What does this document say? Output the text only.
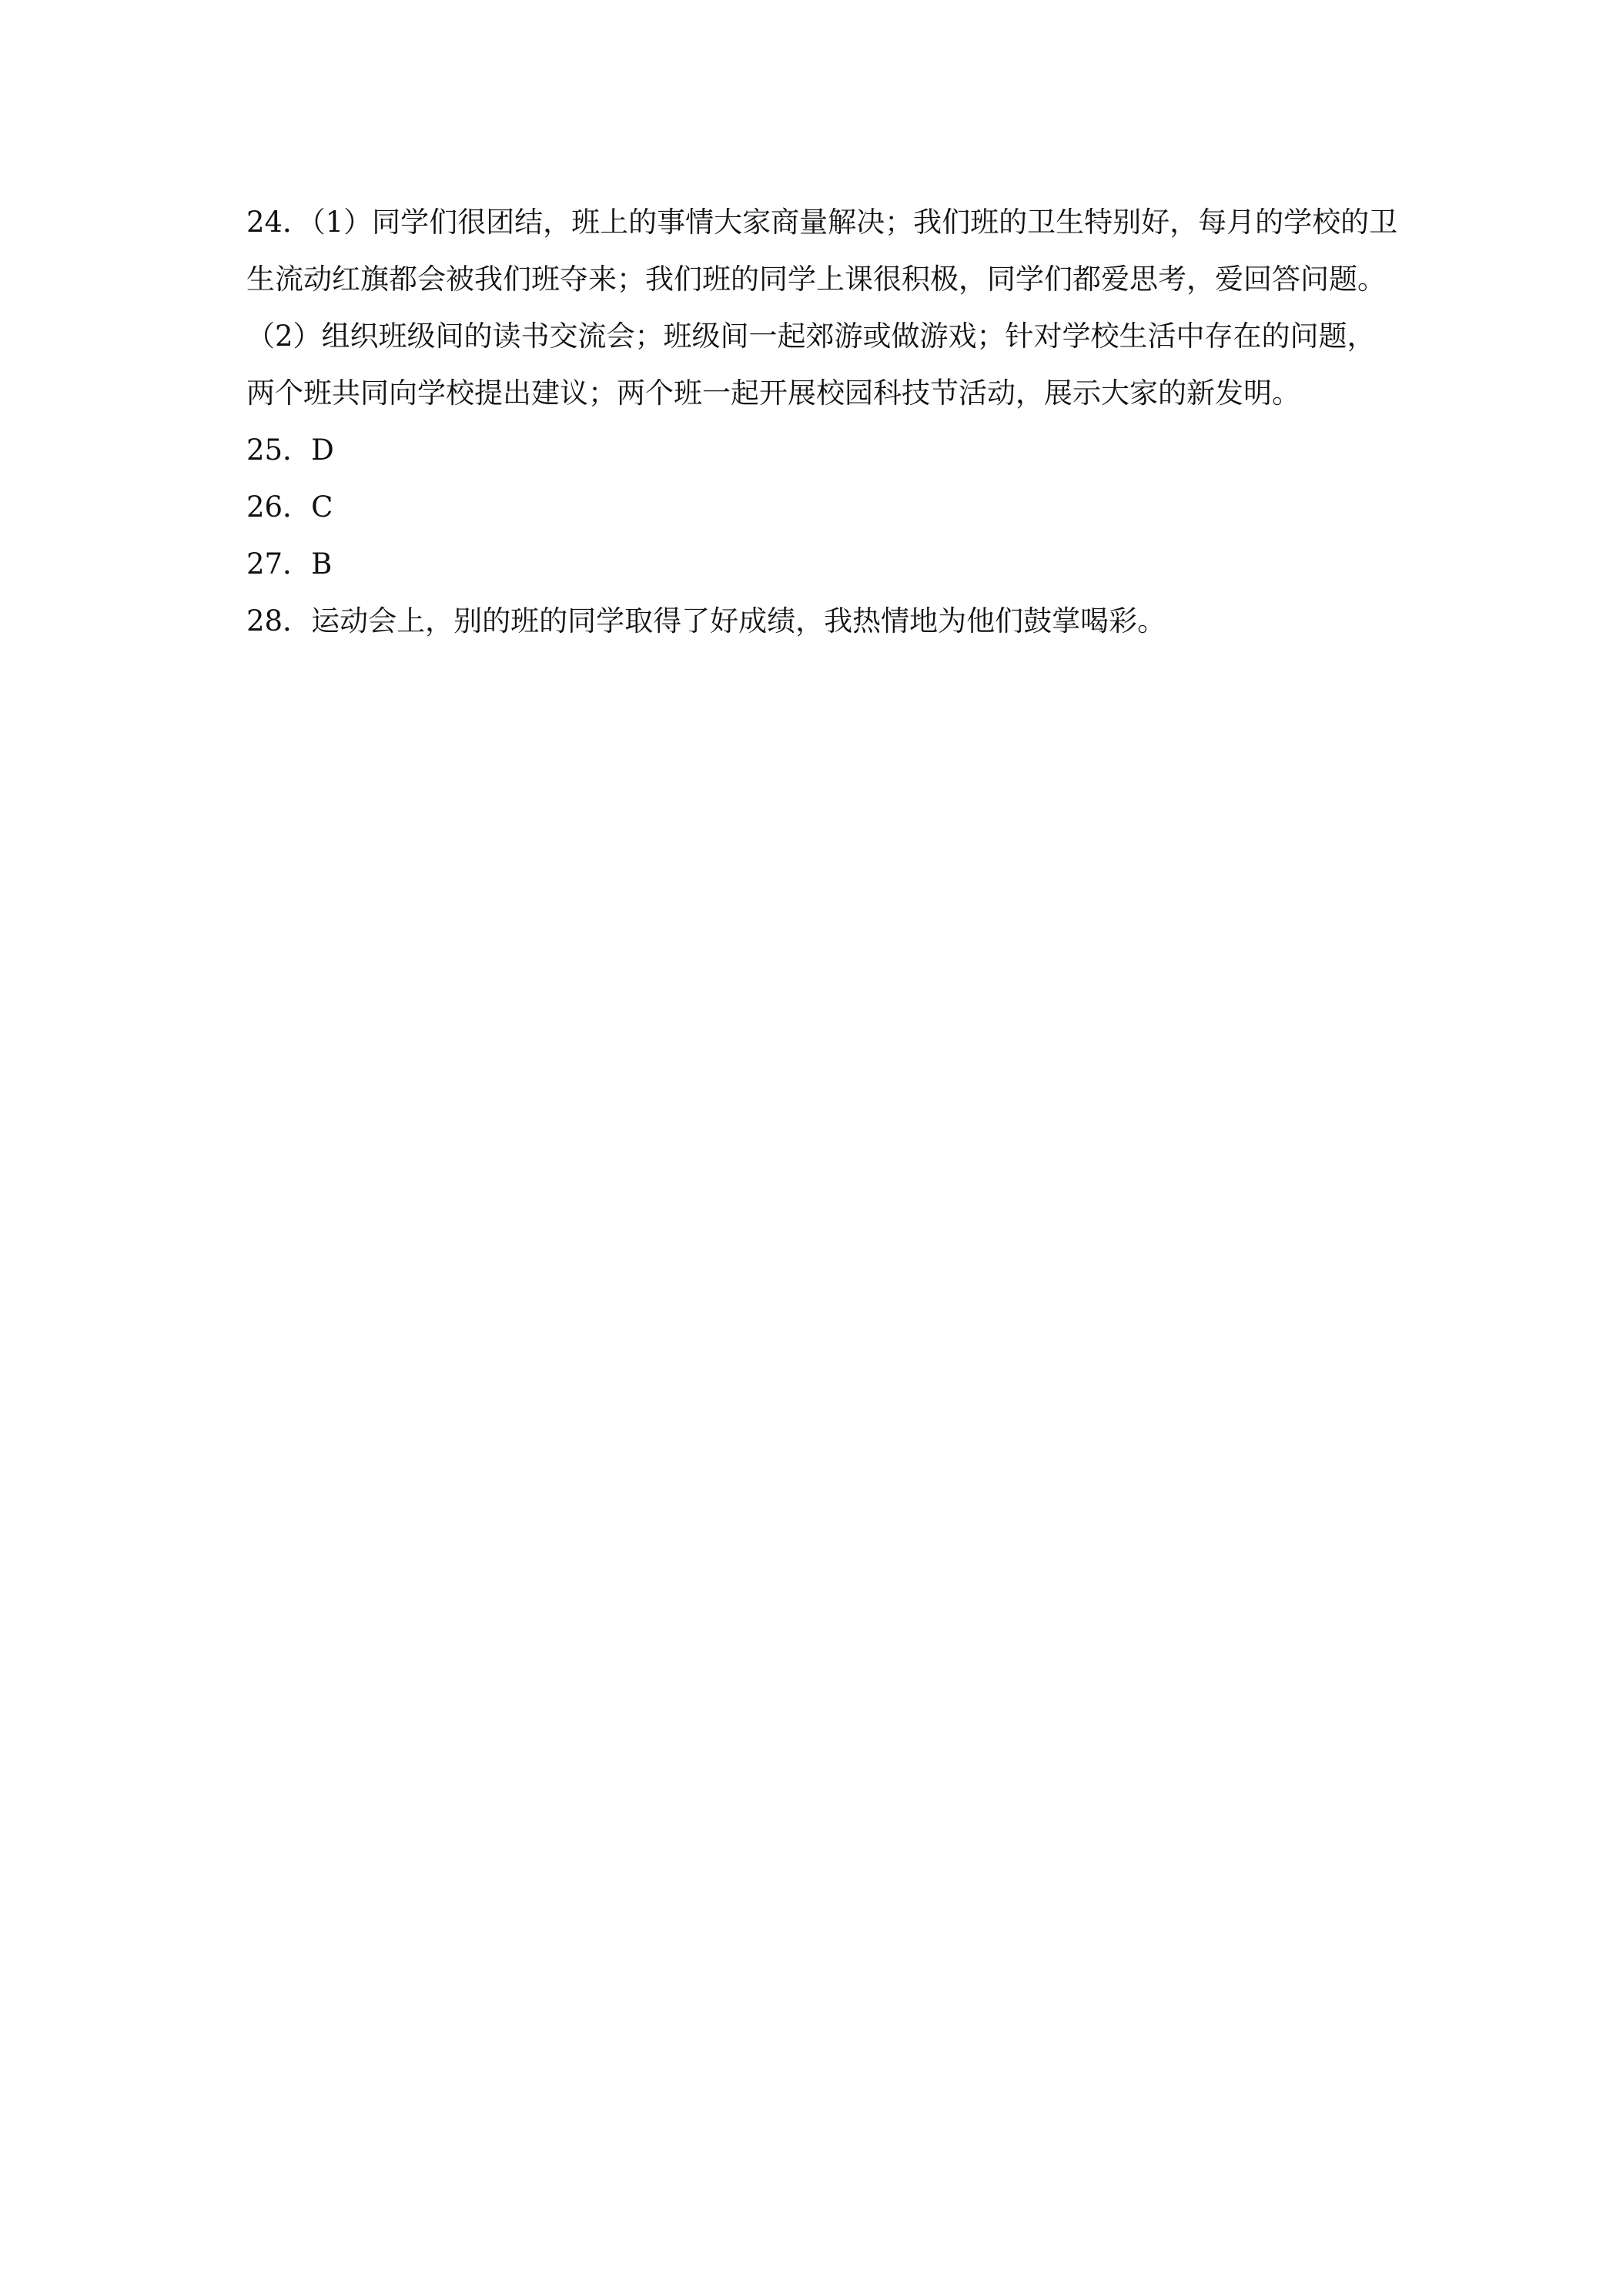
24．（1）同学们很团结，班上的事情大家商量解决；我们班的卫生特别好，每月的学校的卫
生流动红旗都会被我们班夺来；我们班的同学上课很积极，同学们都爱思考，爱回答问题。
（2）组织班级间的读书交流会；班级间一起郊游或做游戏；针对学校生活中存在的问题，
两个班共同向学校提出建议；两个班一起开展校园科技节活动，展示大家的新发明。
25．D
26．C
27．B
28．运动会上，别的班的同学取得了好成绩，我热情地为他们鼓掌喝彩。
